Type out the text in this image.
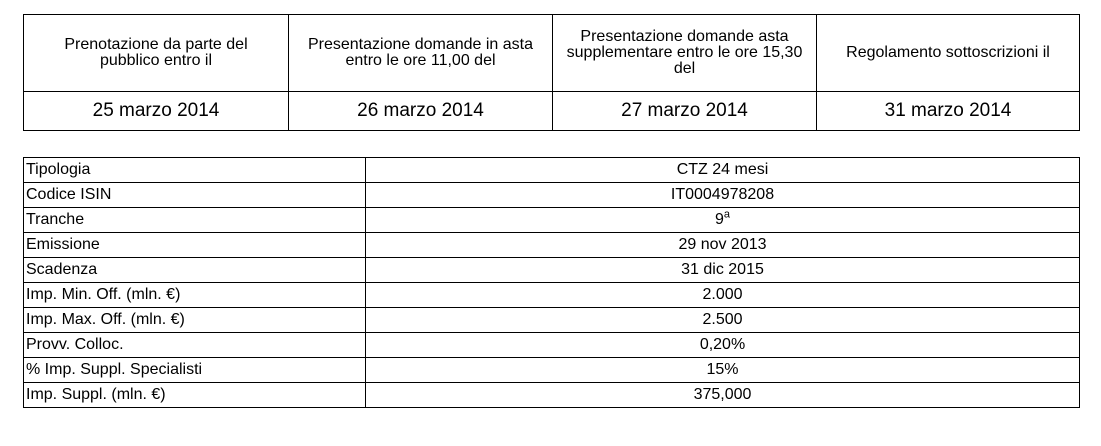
Prenotazione da parte del pubblico entro il	Presentazione domande in asta entro le ore 11,00 del	Presentazione domande asta supplementare entro le ore 15,30 del	Regolamento sottoscrizioni il
25 marzo 2014	26 marzo 2014	27 marzo 2014	31 marzo 2014
Tipologia	CTZ 24 mesi
Codice ISIN	IT0004978208
Tranche	9$^a$
Emissione	29 nov 2013
Scadenza	31 dic 2015
Imp. Min. Off. (mln. €)	2.000
Imp. Max. Off. (mln. €)	2.500
Provv. Colloc.	0,20%
% Imp. Suppl. Specialisti	15%
Imp. Suppl. (mln. €)	375,000
